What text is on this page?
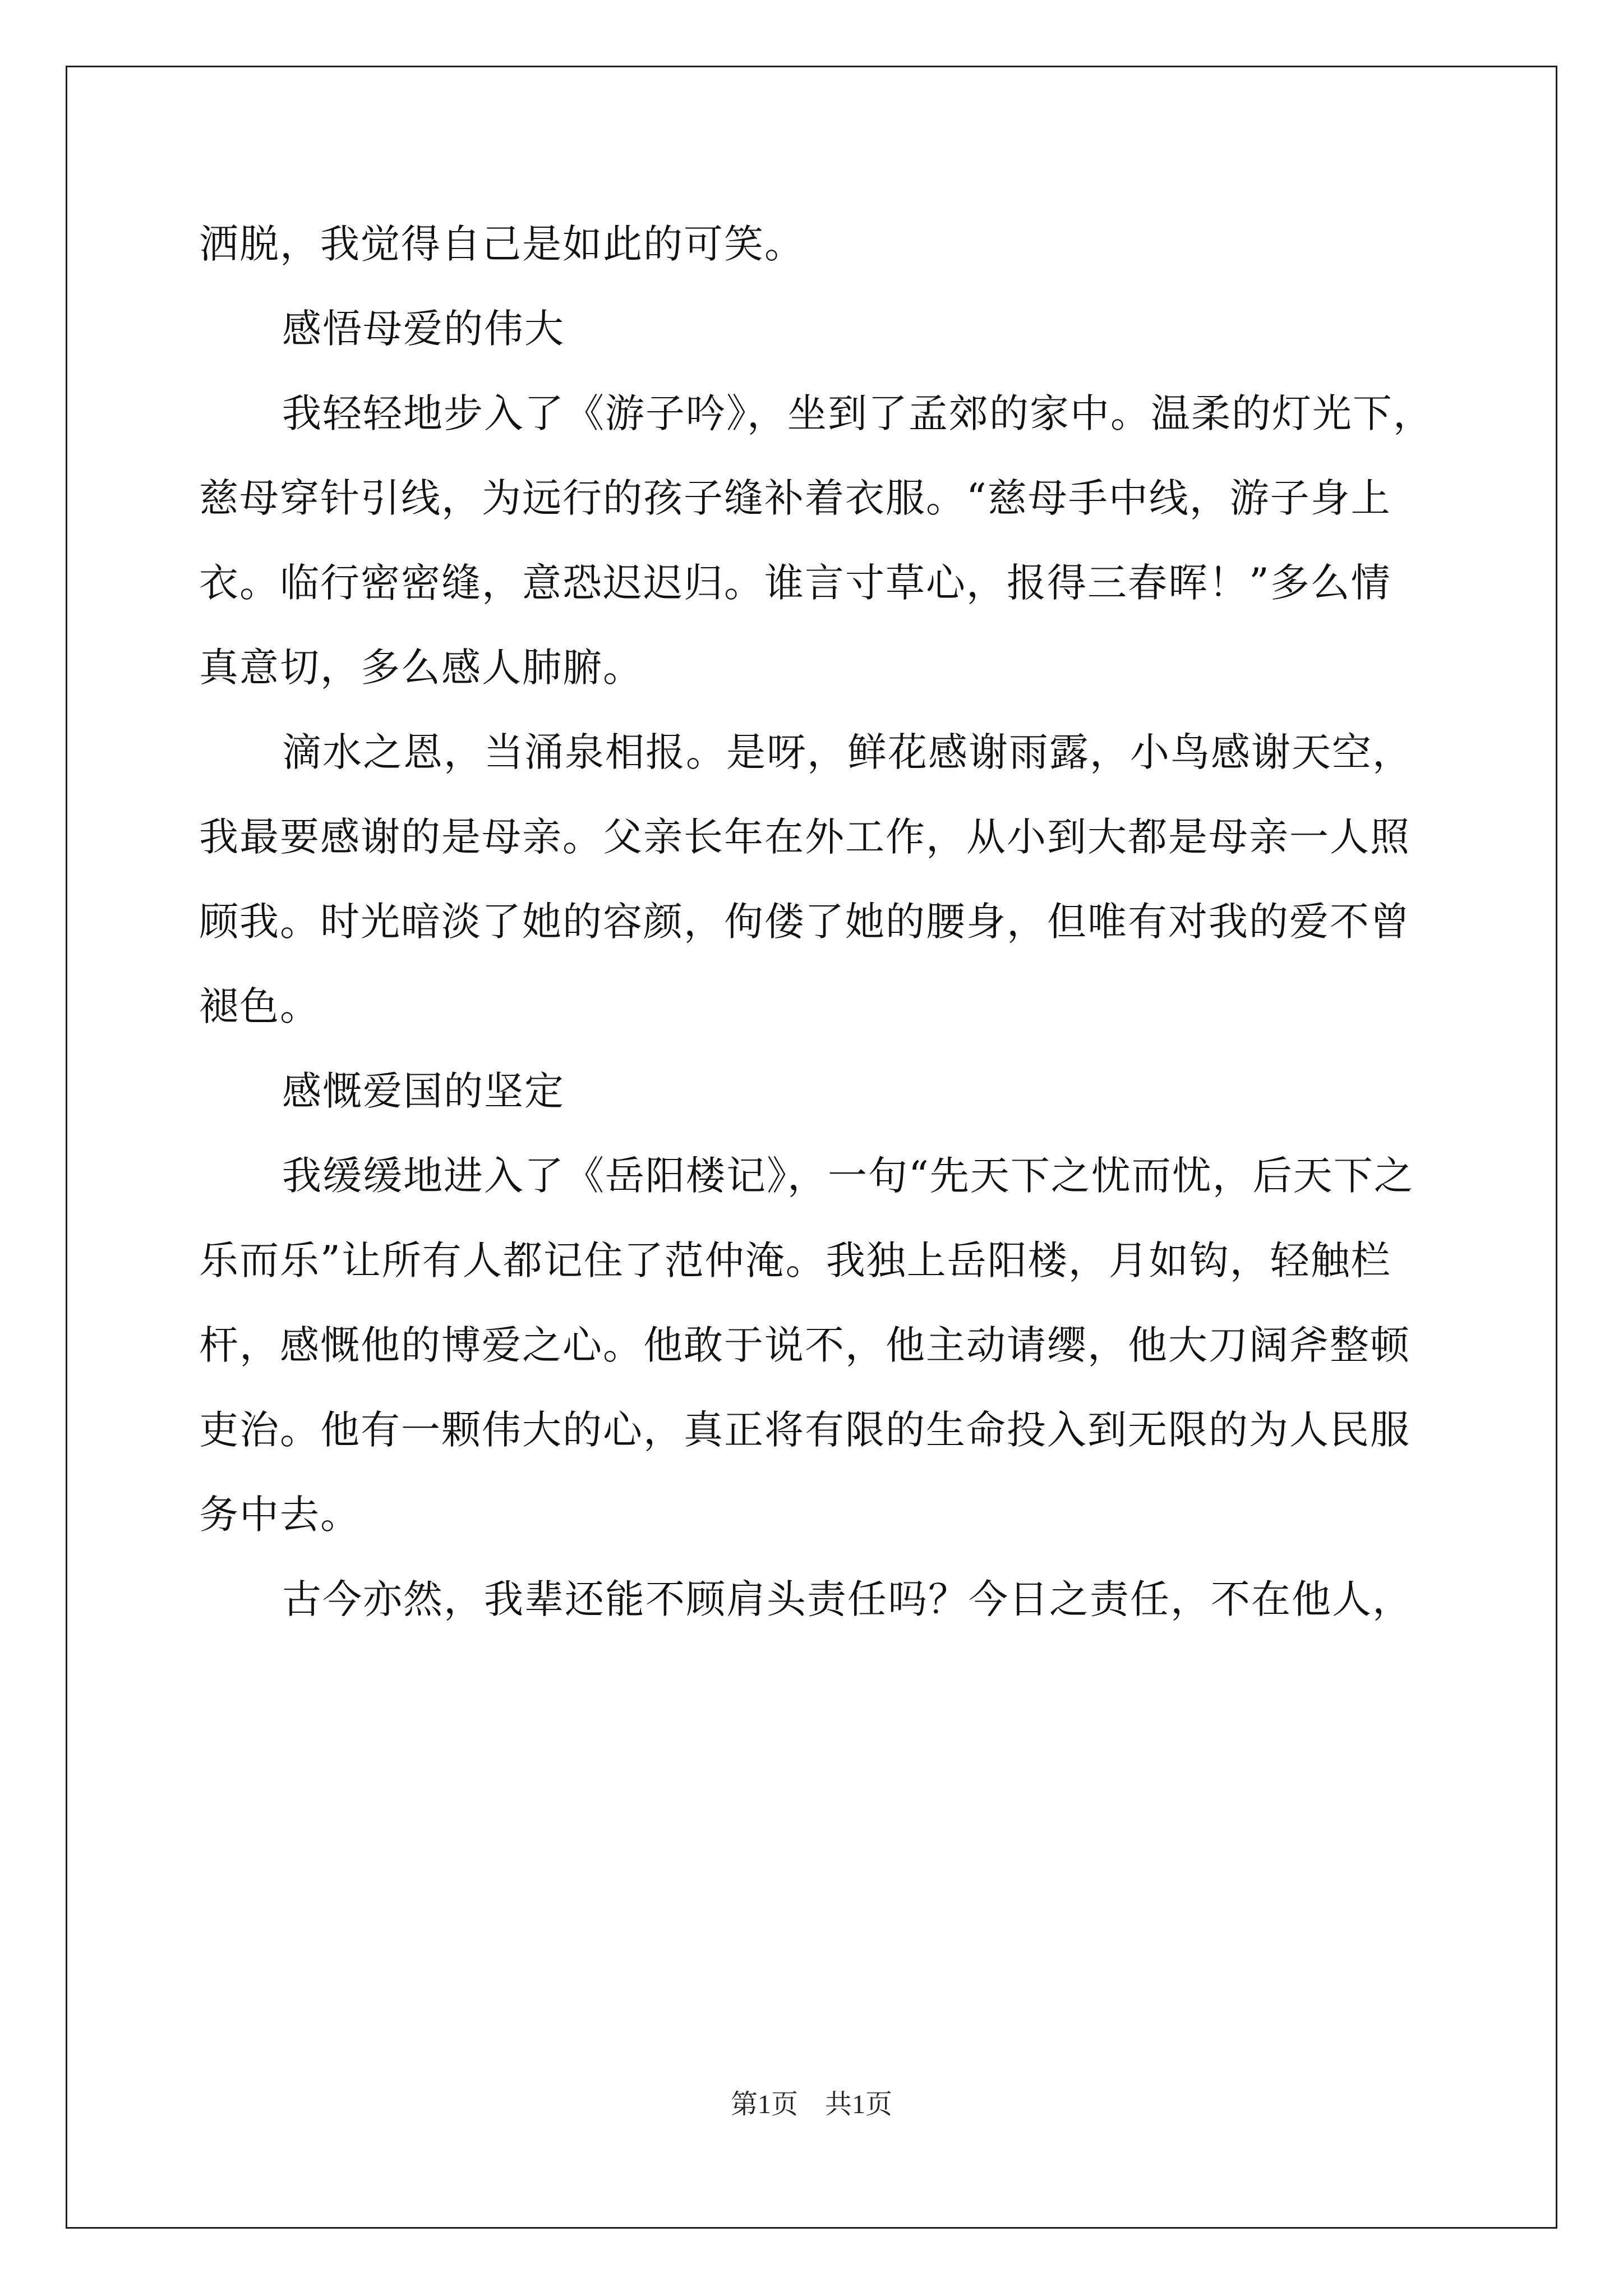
洒脱，我觉得自己是如此的可笑。
感悟母爱的伟大
我轻轻地步入了《游子吟》，坐到了孟郊的家中。温柔的灯光下，
慈母穿针引线，为远行的孩子缝补着衣服。“慈母手中线，游子身上
衣。临行密密缝，意恐迟迟归。谁言寸草心，报得三春晖！”多么情
真意切，多么感人肺腑。
滴水之恩，当涌泉相报。是呀，鲜花感谢雨露，小鸟感谢天空，
我最要感谢的是母亲。父亲长年在外工作，从小到大都是母亲一人照
顾我。时光暗淡了她的容颜，佝偻了她的腰身，但唯有对我的爱不曾
褪色。
感慨爱国的坚定
我缓缓地进入了《岳阳楼记》，一句“先天下之忧而忧，后天下之
乐而乐”让所有人都记住了范仲淹。我独上岳阳楼，月如钩，轻触栏
杆，感慨他的博爱之心。他敢于说不，他主动请缨，他大刀阔斧整顿
吏治。他有一颗伟大的心，真正将有限的生命投入到无限的为人民服
务中去。
古今亦然，我辈还能不顾肩头责任吗？今日之责任，不在他人，
第1页　共1页
